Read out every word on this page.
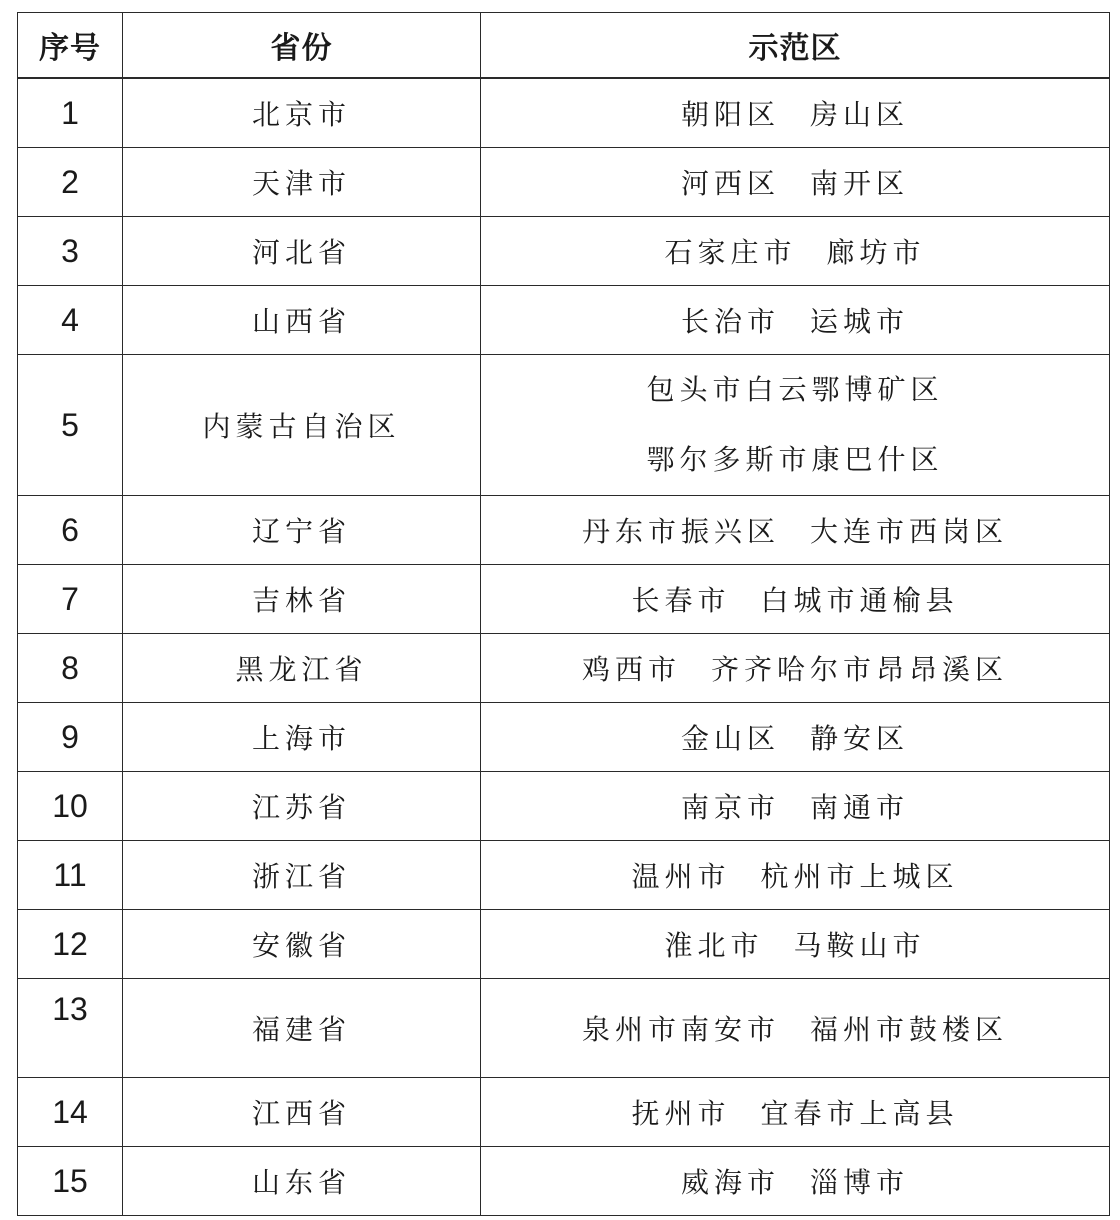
序号	省份	示范区
1	北京市	朝阳区 房山区
2	天津市	河西区 南开区
3	河北省	石家庄市 廊坊市
4	山西省	长治市 运城市
5	内蒙古自治区	包头市白云鄂博矿区
鄂尔多斯市康巴什区

6	辽宁省	丹东市振兴区 大连市西岗区
7	吉林省	长春市 白城市通榆县
8	黑龙江省	鸡西市 齐齐哈尔市昂昂溪区
9	上海市	金山区 静安区
10	江苏省	南京市 南通市
11	浙江省	温州市 杭州市上城区
12	安徽省	淮北市 马鞍山市
13	福建省	泉州市南安市 福州市鼓楼区
14	江西省	抚州市 宜春市上高县
15	山东省	威海市 淄博市
